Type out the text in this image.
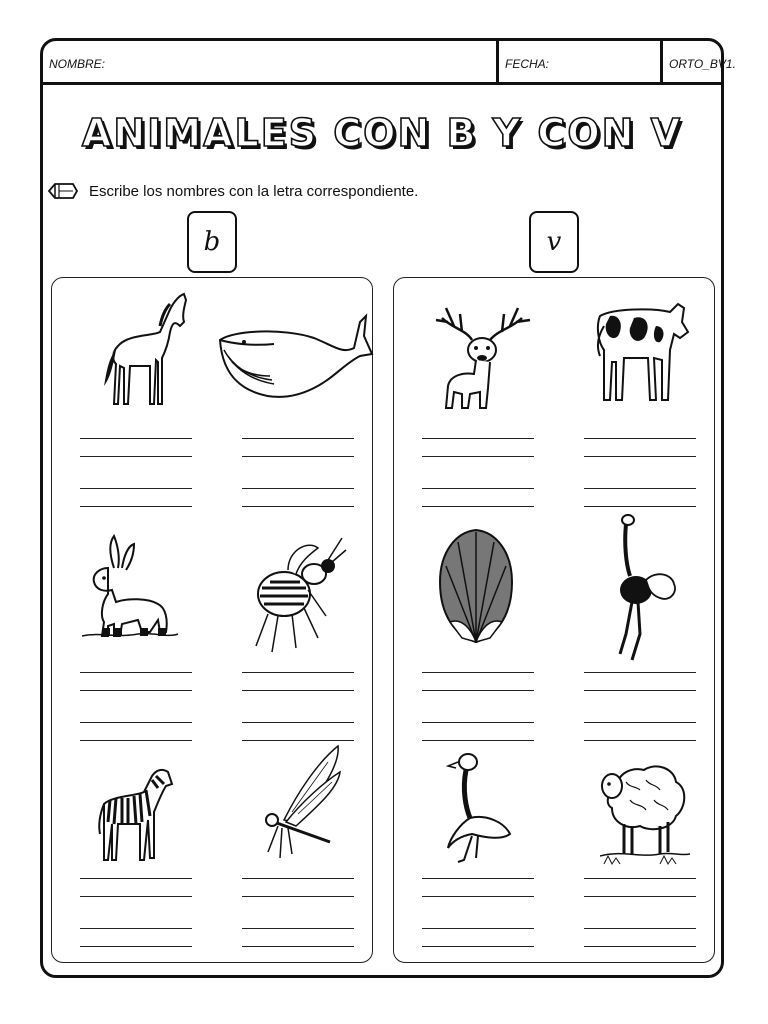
NOMBRE:	FECHA:	ORTO_BV1.
ANIMALES CON B Y CON V
Escribe los nombres con la letra correspondiente.
b	v
